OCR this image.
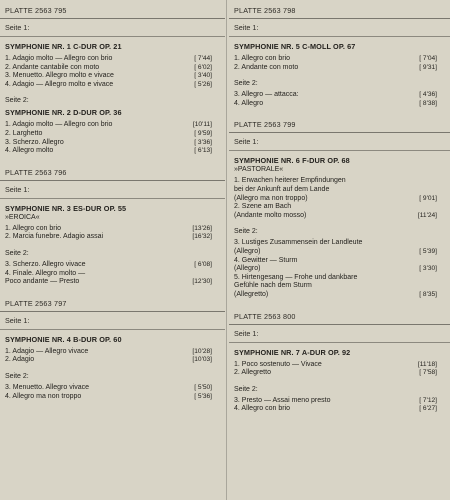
PLATTE 2563 795
Seite 1:
SYMPHONIE NR. 1 C-DUR OP. 21
1. Adagio molto — Allegro con brio	[ 7'44]
2. Andante cantabile con moto	[ 6'02]
3. Menuetto. Allegro molto e vivace	[ 3'40]
4. Adagio — Allegro molto e vivace	[ 5'26]
Seite 2:
SYMPHONIE NR. 2 D-DUR OP. 36
1. Adagio molto — Allegro con brio	[10'11]
2. Larghetto	[ 9'59]
3. Scherzo. Allegro	[ 3'36]
4. Allegro molto	[ 6'13]
PLATTE 2563 796
Seite 1:
SYMPHONIE NR. 3 ES-DUR OP. 55
»EROICA«
1. Allegro con brio	[13'26]
2. Marcia funebre. Adagio assai	[16'32]
Seite 2:
3. Scherzo. Allegro vivace	[ 6'08]
4. Finale. Allegro molto —
Poco andante — Presto	[12'30]
PLATTE 2563 797
Seite 1:
SYMPHONIE NR. 4 B-DUR OP. 60
1. Adagio — Allegro vivace	[10'28]
2. Adagio	[10'03]
Seite 2:
3. Menuetto. Allegro vivace	[ 5'50]
4. Allegro ma non troppo	[ 5'36]
PLATTE 2563 798
Seite 1:
SYMPHONIE NR. 5 C-MOLL OP. 67
1. Allegro con brio	[ 7'04]
2. Andante con moto	[ 9'31]
Seite 2:
3. Allegro — attacca:	[ 4'36]
4. Allegro	[ 8'38]
PLATTE 2563 799
Seite 1:
SYMPHONIE NR. 6 F-DUR OP. 68
»PASTORALE«
1. Erwachen heiterer Empfindungen
bei der Ankunft auf dem Lande
(Allegro ma non troppo)	[ 9'01]
2. Szene am Bach
(Andante molto mosso)	[11'24]
Seite 2:
3. Lustiges Zusammensein der Landleute
(Allegro)	[ 5'39]
4. Gewitter — Sturm
(Allegro)	[ 3'30]
5. Hirtengesang — Frohe und dankbare
Gefühle nach dem Sturm
(Allegretto)	[ 8'35]
PLATTE 2563 800
Seite 1:
SYMPHONIE NR. 7 A-DUR OP. 92
1. Poco sostenuto — Vivace	[11'18]
2. Allegretto	[ 7'58]
Seite 2:
3. Presto — Assai meno presto	[ 7'12]
4. Allegro con brio	[ 6'27]
